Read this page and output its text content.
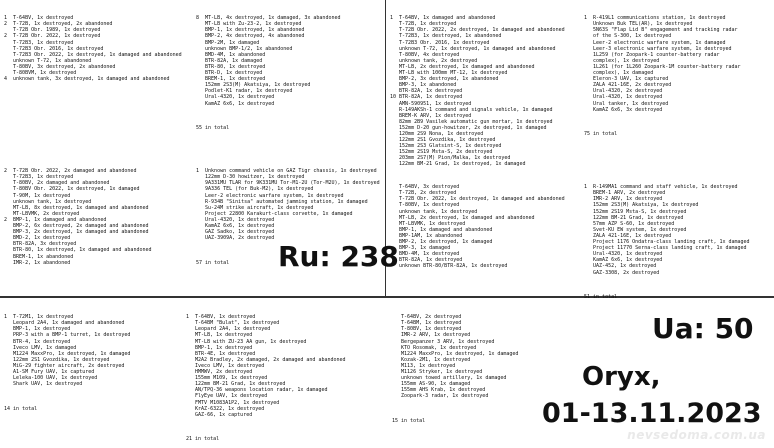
1  T-64BV, 1x destroyed
2  T-72B, 1x destroyed, 2x abandoned
T-72B Obr. 1989, 1x destroyed
2  T-72B Obr. 2022, 1x destroyed
T-72B3, 1x destroyed
T-72B3 Obr. 2016, 1x destroyed
T-72B3 Obr. 2022, 1x destroyed, 1x damaged and abandoned
unknown T-72, 1x abandoned
T-80BV, 3x destroyed, 2x abandoned
T-80BVM, 1x destroyed
4  unknown tank, 3x destroyed, 1x damaged and abandoned

8  MT-LB, 4x destroyed, 1x damaged, 3x abandoned
MT-LB with Zu-23-2, 1x destroyed
BMP-1, 1x destroyed, 1x abandoned
BMP-2, 4x destroyed, 4x abandoned
BMP-2M, 1x damaged
unknown BMP-1/2, 1x abandoned
BMD-4M, 1x abandoned
BTR-82A, 1x damaged
BTR-80, 1x destroyed
BTR-D, 1x destroyed
BREM-1, 1x destroyed
152mm 2S3(M) Akatsiya, 1x destroyed
Podlet-K1 radar, 1x destroyed
Ural-4320, 1x destroyed
KamAZ 6x6, 1x destroyed

55 in total

2  T-72B Obr. 2022, 2x damaged and abandoned
T-72B3, 1x destroyed
T-80BV, 2x damaged and abandoned
T-80BV Obr. 2022, 1x destroyed, 1x damaged
T-90M, 1x destroyed
unknown tank, 1x destroyed
MT-LB, 8x destroyed, 1x damaged and abandoned
MT-LBVMK, 2x destroyed
2  BMP-1, 1x damaged and abandoned
BMP-2, 6x destroyed, 2x damaged and abandoned
BMP-3, 2x destroyed, 1x damaged and abandoned
BMD-2, 1x destroyed
BTR-82A, 3x destroyed
BTR-80, 1x destroyed, 1x damaged and abandoned
BREM-1, 1x abandoned
IMR-2, 1x abandoned

1  Unknown command vehicle on GAZ Tigr chassis, 1x destroyed
122mm D-30 howitzer, 1x destroyed
9A331MU TLAR for 9K331MU Tor-M1-2U (Tor-M2U), 1x destroyed
9A336 TEL (for Buk-M2), 1x destroyed
Leer-2 electronic warfare system, 1x destroyed
R-934B "Sinitsa" automated jamming station, 1x damaged
Su-24M strike aircraft, 1x destroyed
Project 22800 Karakurt-class corvette, 1x damaged
Ural-4320, 1x destroyed
KamAZ 6x6, 1x destroyed
GAZ Sadko, 1x destroyed
UAZ-3909A, 2x destroyed

57 in total

1  T-64BV, 1x damaged and abandoned
T-72B, 1x destroyed
T-72B Obr. 2022, 2x destroyed, 1x damaged and abandoned
T-72B3, 1x destroyed, 1x abandoned
T-72B3 Obr. 2016, 1x destroyed
unknown T-72, 1x destroyed, 1x damaged and abandoned
T-80BV, 4x destroyed
unknown tank, 2x destroyed
MT-LB, 2x destroyed, 1x damaged and abandoned
MT-LB with 100mm MT-12, 1x destroyed
BMP-2, 3x destroyed, 1x abandoned
BMP-3, 1x abandoned
BTR-82A, 1x destroyed
10 BTR-82A, 1x destroyed
AMN-590951, 1x destroyed
R-149AKSh-1 command and signals vehicle, 1x damaged
BREM-K ARV, 1x destroyed
82mm 2B9 Vasilek automatic gun mortar, 1x destroyed
152mm D-20 gun-howitzer, 2x destroyed, 1x damaged
120mm 2S9 Nona, 1x destroyed
122mm 2S1 Gvozdika, 1x destroyed
152mm 2S3 Glatsint-S, 1x destroyed
152mm 2S19 Msta-S, 2x destroyed
203mm 2S7(M) Pion/Malka, 1x destroyed
122mm BM-21 Grad, 1x destroyed, 1x damaged

1  R-419L1 communications station, 1x destroyed
Unknown Buk TEL(AR), 1x destroyed
5N63S "Flap Lid B" engagement and tracking radar
of the S-300, 1x destroyed
Leer-2 electronic warfare system, 1x damaged
Leer-3 electronic warfare system, 1x destroyed
1L259 (for Zoopark-1 counter-battery radar
complex), 1x destroyed
1L261 (for 1L260 Zoopark-1M counter-battery radar
complex), 1x damaged
Eleron-3 UAV, 1x captured
ZALA 421-16E, 2x destroyed
Ural-4320, 2x destroyed
Ural-4320, 1x destroyed
Ural tanker, 1x destroyed
KamAZ 6x6, 3x destroyed

75 in total

T-64BV, 3x destroyed
T-72B, 2x destroyed
T-72B Obr. 2022, 1x destroyed, 1x damaged and abandoned
T-80BV, 1x destroyed
unknown tank, 1x destroyed
MT-LB, 2x destroyed, 1x damaged and abandoned
MT-LBVMK, 1x destroyed
BMP-1, 1x damaged and abandoned
BMP-1AM, 1x abandoned
BMP-2, 1x destroyed, 1x damaged
BMP-3, 1x damaged
BMD-4M, 1x destroyed
BTR-82A, 1x destroyed
unknown BTR-80/BTR-82A, 1x destroyed

1  R-149MA1 command and staff vehicle, 1x destroyed
BREM-1 ARV, 2x destroyed
IMR-2 ARV, 1x destroyed
152mm 2S3(M) Akatsiya, 1x destroyed
152mm 2S19 Msta-S, 1x destroyed
122mm BM-21 Grad, 1x destroyed
57mm AZP S-60, 1x destroyed
Svet-KU EW system, 1x destroyed
ZALA 421-16E, 1x destroyed
Project 1176 Ondatra-class landing craft, 1x damaged
Project 11770 Serna-class landing craft, 1x damaged
Ural-4320, 1x destroyed
KamAZ 6x6, 1x destroyed
UAZ-452, 1x destroyed
GAZ-3308, 2x destroyed

51 in total

1  T-72M1, 1x destroyed
Leopard 2A4, 1x damaged and abandoned
BMP-1, 1x destroyed
PRP-3 with a BMP-1 turret, 1x destroyed
BTR-4, 1x destroyed
Iveco LMV, 1x damaged
M1224 MaxxPro, 1x destroyed, 1x damaged
122mm 2S1 Gvozdika, 1x destroyed
MiG-29 fighter aircraft, 2x destroyed
A1-SM Fury UAV, 1x captured
Leleka-100 UAV, 1x destroyed
Shark UAV, 1x destroyed

14 in total

1  T-64BV, 1x destroyed
T-64BM "Bulat", 1x destroyed
Leopard 2A4, 1x destroyed
MT-LB, 1x destroyed
MT-LB with ZU-23 AA gun, 1x destroyed
BMP-1, 1x destroyed
BTR-4E, 1x destroyed
M2A2 Bradley, 2x damaged, 2x damaged and abandoned
Iveco LMV, 1x destroyed
HMMWV, 2x destroyed
155mm M109, 1x destroyed
122mm BM-21 Grad, 1x destroyed
AN/TPQ-36 weapons location radar, 1x damaged
FlyEye UAV, 1x destroyed
FMTV M1083A1P2, 1x destroyed
KrAZ-6322, 1x destroyed
GAZ-66, 1x captured

21 in total

T-64BV, 2x destroyed
T-64BM, 1x destroyed
T-80BV, 1x destroyed
IMR-2 ARV, 1x destroyed
Bergepanzer 3 ARV, 1x destroyed
KTO Rosomak, 1x destroyed
M1224 MaxxPro, 1x destroyed, 1x damaged
Kozak-2M1, 1x destroyed
M113, 1x destroyed
M1126 Stryker, 1x destroyed
unknown towed artillery, 1x damaged
155mm AS-90, 1x damaged
155mm AHS Krab, 1x destroyed
Zoopark-3 radar, 1x destroyed

15 in total

Ru: 238
Ua: 50
Oryx,
01-13.11.2023
nevsedoma.com.ua
